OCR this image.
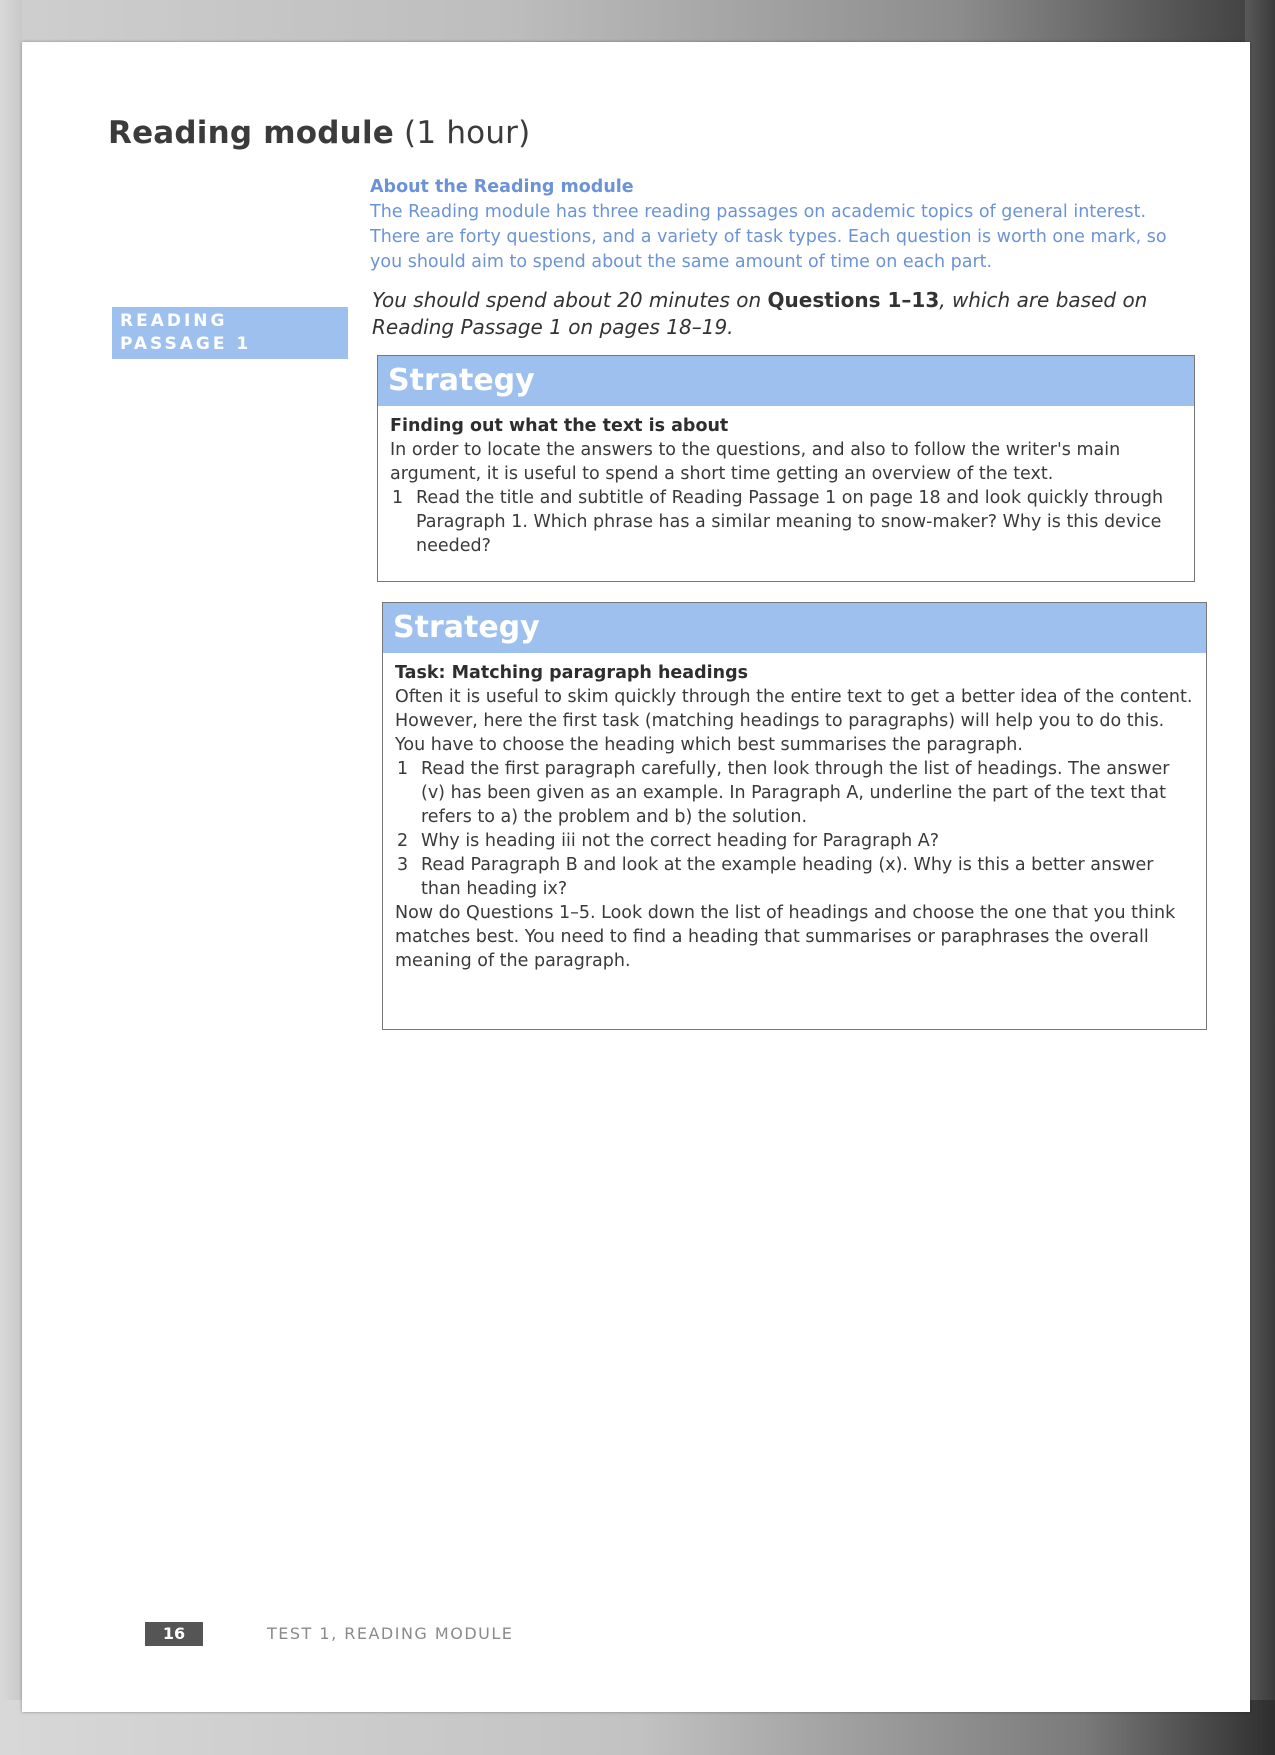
Reading module (1 hour)
About the Reading module
The Reading module has three reading passages on academic topics of general interest. There are forty questions, and a variety of task types. Each question is worth one mark, so you should aim to spend about the same amount of time on each part.
READING
PASSAGE 1
You should spend about 20 minutes on Questions 1–13, which are based on Reading Passage 1 on pages 18–19.
Strategy
Finding out what the text is about
In order to locate the answers to the questions, and also to follow the writer's main argument, it is useful to spend a short time getting an overview of the text.
1 Read the title and subtitle of Reading Passage 1 on page 18 and look quickly through Paragraph 1. Which phrase has a similar meaning to snow-maker? Why is this device needed?
Strategy
Task: Matching paragraph headings
Often it is useful to skim quickly through the entire text to get a better idea of the content. However, here the first task (matching headings to paragraphs) will help you to do this. You have to choose the heading which best summarises the paragraph.
1 Read the first paragraph carefully, then look through the list of headings. The answer (v) has been given as an example. In Paragraph A, underline the part of the text that refers to a) the problem and b) the solution.
2 Why is heading iii not the correct heading for Paragraph A?
3 Read Paragraph B and look at the example heading (x). Why is this a better answer than heading ix?
Now do Questions 1–5. Look down the list of headings and choose the one that you think matches best. You need to find a heading that summarises or paraphrases the overall meaning of the paragraph.
16	TEST 1, READING MODULE
